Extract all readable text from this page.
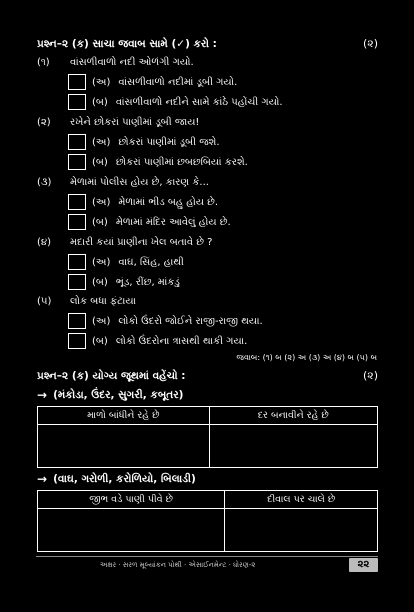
પ્રશ્ન–૨ (ક) સાચા જવાબ સામે (✓) કરો :	(૨)
(૧)	વાંસળીવાળો નદી ઓળંગી ગયો.
(અ) વાંસળીવાળો નદીમાં ડૂબી ગયો.
(બ) વાંસળીવાળો નદીને સામે કાંઠે પહોંચી ગયો.
(૨)	રખેને છોકરાં પાણીમાં ડૂબી જાય!
(અ) છોકરાં પાણીમાં ડૂબી જશે.
(બ) છોકરાં પાણીમાં છબછબિયાં કરશે.
(૩)	મેળામાં પોલીસ હોય છે, કારણ કે...
(અ) મેળામાં ભીડ બહુ હોય છે.
(બ) મેળામાં મંદિર આવેલું હોય છે.
(૪)	મદારી કયાં પ્રાણીના ખેલ બતાવે છે ?
(અ) વાઘ, સિંહ, હાથી
(બ) ભૂંડ, રીંછ, માંકડું
(૫)	લોક બધા ફંટાયા
(અ) લોકો ઉંદરો જોઈને રાજી-રાજી થયા.
(બ) લોકો ઉંદરોના ત્રાસથી થાકી ગયા.
જવાબ: (૧) બ (૨) અ (૩) અ (૪) બ (૫) બ
પ્રશ્ન–૨ (ક) યોગ્ય જૂથમાં વહેંચો :	(૨)
→ (મંકોડા, ઉંદર, સુગરી, કબૂતર)
માળો બાંધીને રહે છે	દર બનાવીને રહે છે

→ (વાઘ, ગરોળી, કરોળિયો, બિલાડી)
જીભ વડે પાણી પીવે છે	દીવાલ પર ચાલે છે

અક્ષર · સરળ મૂલ્યાંકન પોથી · એસાઈનમેન્ટ · ધોરણ-૨	૨૨
